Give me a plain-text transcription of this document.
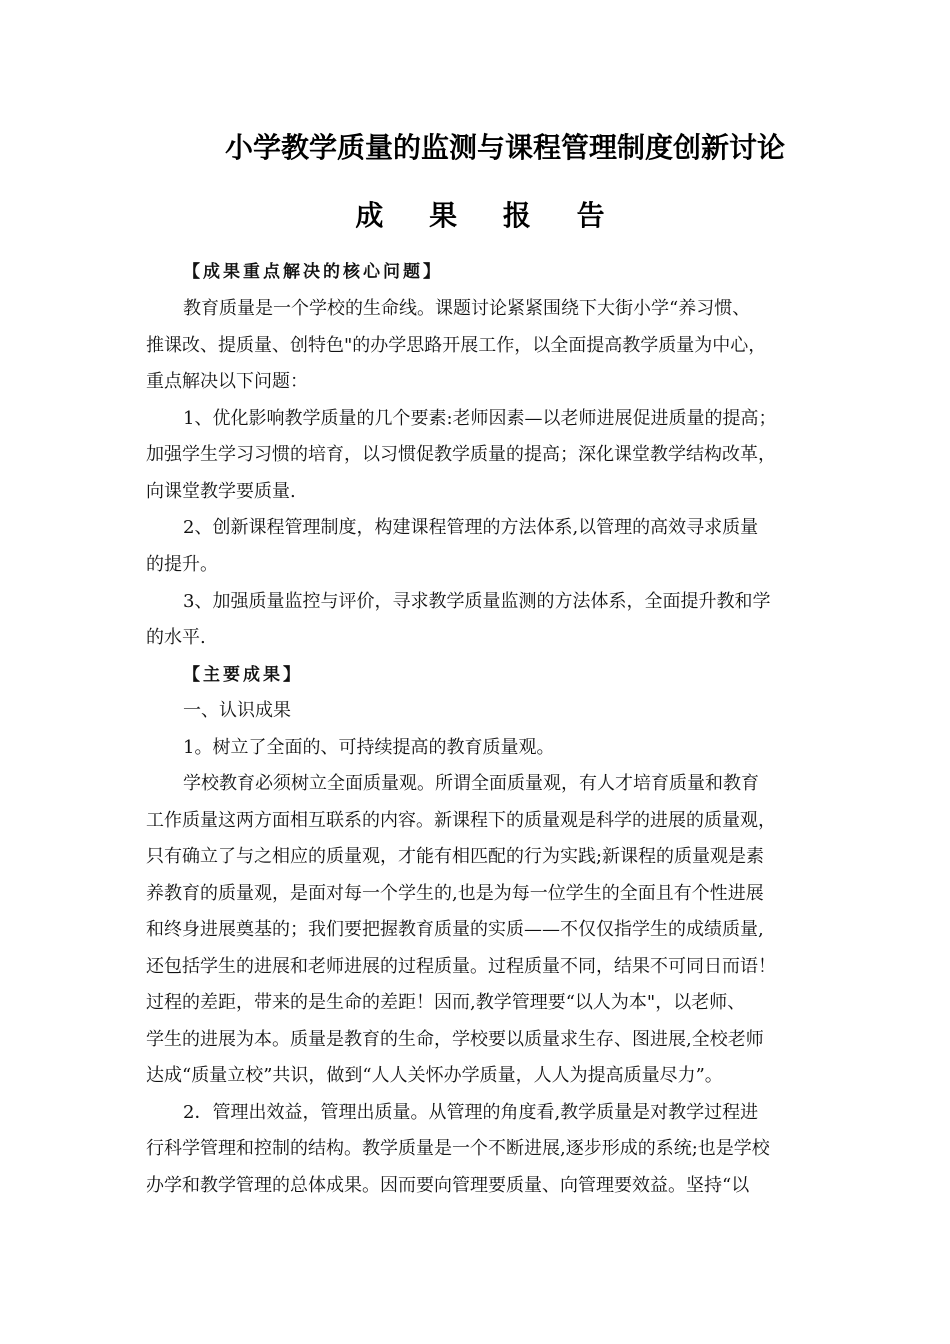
小学教学质量的监测与课程管理制度创新讨论
成 果 报 告
【成果重点解决的核心问题】
教育质量是一个学校的生命线。课题讨论紧紧围绕下大街小学“养习惯、
推课改、提质量、创特色"的办学思路开展工作，以全面提高教学质量为中心，
重点解决以下问题：
1、优化影响教学质量的几个要素:老师因素—以老师进展促进质量的提高；
加强学生学习习惯的培育，以习惯促教学质量的提高；深化课堂教学结构改革，
向课堂教学要质量.
2、创新课程管理制度，构建课程管理的方法体系,以管理的高效寻求质量
的提升。
3、加强质量监控与评价，寻求教学质量监测的方法体系，全面提升教和学
的水平.
【主要成果】
一、认识成果
1。树立了全面的、可持续提高的教育质量观。
学校教育必须树立全面质量观。所谓全面质量观，有人才培育质量和教育
工作质量这两方面相互联系的内容。新课程下的质量观是科学的进展的质量观，
只有确立了与之相应的质量观，才能有相匹配的行为实践;新课程的质量观是素
养教育的质量观，是面对每一个学生的,也是为每一位学生的全面且有个性进展
和终身进展奠基的；我们要把握教育质量的实质——不仅仅指学生的成绩质量,
还包括学生的进展和老师进展的过程质量。过程质量不同，结果不可同日而语！
过程的差距，带来的是生命的差距！因而,教学管理要“以人为本"，以老师、
学生的进展为本。质量是教育的生命，学校要以质量求生存、图进展,全校老师
达成“质量立校”共识，做到“人人关怀办学质量，人人为提高质量尽力”。
2．管理出效益，管理出质量。从管理的角度看,教学质量是对教学过程进
行科学管理和控制的结构。教学质量是一个不断进展,逐步形成的系统;也是学校
办学和教学管理的总体成果。因而要向管理要质量、向管理要效益。坚持“以
